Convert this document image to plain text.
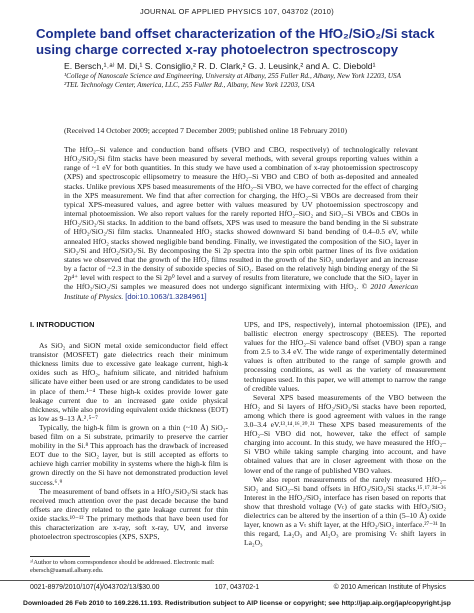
JOURNAL OF APPLIED PHYSICS 107, 043702 (2010)
Complete band offset characterization of the HfO₂/SiO₂/Si stack using charge corrected x-ray photoelectron spectroscopy
E. Bersch,¹˒ᵃ⁾ M. Di,¹ S. Consiglio,² R. D. Clark,² G. J. Leusink,² and A. C. Diebold¹

¹College of Nanoscale Science and Engineering, University at Albany, 255 Fuller Rd., Albany, New York 12203, USA

²TEL Technology Center, America, LLC, 255 Fuller Rd., Albany, New York 12203, USA

(Received 14 October 2009; accepted 7 December 2009; published online 18 February 2010)
The HfO₂–Si valence and conduction band offsets (VBO and CBO, respectively) of technologically relevant HfO₂/SiO₂/Si film stacks have been measured by several methods, with several groups reporting values within a range of ~1 eV for both quantities. In this study we have used a combination of x-ray photoemission spectroscopy (XPS) and spectroscopic ellipsometry to measure the HfO₂–Si VBO and CBO of both as-deposited and annealed stacks. Unlike previous XPS based measurements of the HfO₂–Si VBO, we have corrected for the effect of charging in the XPS measurement. We find that after correction for charging, the HfO₂–Si VBOs are decreased from their typical XPS-measured values, and agree better with values measured by UV photoemission spectroscopy and internal photoemission. We also report values for the rarely reported HfO₂–SiO₂ and SiO₂–Si VBOs and CBOs in HfO₂/SiO₂/Si stacks. In addition to the band offsets, XPS was used to measure the band bending in the Si substrate of HfO₂/SiO₂/Si film stacks. Unannealed HfO₂ stacks showed downward Si band bending of 0.4–0.5 eV, while annealed HfO₂ stacks showed negligible band bending. Finally, we investigated the composition of the SiO₂ layer in SiO₂/Si and HfO₂/SiO₂/Si. By decomposing the Si 2p spectra into the spin orbit partner lines of its five oxidation states we observed that the growth of the HfO₂ films resulted in the growth of the SiO₂ underlayer and an increase by a factor of ~2.3 in the density of suboxide species of SiO₂. Based on the relatively high binding energy of the Si 2p⁴⁺ level with respect to the Si 2p⁰ level and a survey of results from literature, we conclude that the SiO₂ layer in the HfO₂/SiO₂/Si samples we measured does not undergo significant intermixing with HfO₂. © 2010 American Institute of Physics. [doi:10.1063/1.3284961]

I. INTRODUCTION

As SiO₂ and SiON metal oxide semiconductor field effect transistor (MOSFET) gate dielectrics reach their minimum thickness limits due to excessive gate leakage current, high-k oxides such as HfO₂, hafnium silicate, and nitrided hafnium silicate have either been used or are strong candidates to be used in place of them.¹⁻⁴ These high-k oxides provide lower gate leakage current due to an increased gate oxide physical thickness, while also providing equivalent oxide thickness (EOT) as low as 9–13 Å.²˒⁵⁻⁷

Typically, the high-k film is grown on a thin (~10 Å) SiO₂-based film on a Si substrate, primarily to preserve the carrier mobility in the Si.⁸ This approach has the drawback of increased EOT due to the SiO₂ layer, but is still accepted as efforts to achieve high carrier mobility in systems where the high-k film is grown directly on the Si have not demonstrated production level success.⁶˒⁹

The measurement of band offsets in a HfO₂/SiO₂/Si stack has received much attention over the past decade because the band offsets are directly related to the gate leakage current for thin oxide stacks.¹⁰⁻¹² The primary methods that have been used for this characterization are x-ray, soft x-ray, UV, and inverse photoelectron spectroscopies (XPS, SXPS,

UPS, and IPS, respectively), internal photoemission (IPE), and ballistic electron energy spectroscopy (BEES). The reported values for the HfO₂–Si valence band offset (VBO) span a range from 2.5 to 3.4 eV. The wide range of experimentally determined values is often attributed to the range of sample growth and processing conditions, as well as the variety of measurement techniques used. In this paper, we will attempt to narrow the range of credible values.

Several XPS based measurements of the VBO between the HfO₂ and Si layers of HfO₂/SiO₂/Si stacks have been reported, among which there is good agreement with values in the range 3.0–3.4 eV.¹³˒¹⁴˒¹⁶˒²⁰˒²¹ These XPS based measurements of the HfO₂–Si VBO did not, however, take the effect of sample charging into account. In this study, we have measured the HfO₂–Si VBO while taking sample charging into account, and have obtained values that are in closer agreement with those on the lower end of the range of published VBO values.

We also report measurements of the rarely measured HfO₂–SiO₂ and SiO₂–Si band offsets in HfO₂/SiO₂/Si stacks.¹⁵˒¹⁷˒²⁴⁻²⁶ Interest in the HfO₂/SiO₂ interface has risen based on reports that show that threshold voltage (Vₜ) of gate stacks with HfO₂/SiO₂ dielectrics can be altered by the insertion of a thin (5–10 Å) oxide layer, known as a Vₜ shift layer, at the HfO₂/SiO₂ interface.²⁷⁻³¹ In this regard, La₂O₃ and Al₂O₃ are promising Vₜ shift layers in La₂O₃

ᵃ⁾Author to whom correspondence should be addressed. Electronic mail: ebersch@uamail.albany.edu.
0021-8979/2010/107(4)/043702/13/$30.00	107, 043702-1	© 2010 American Institute of Physics
Downloaded 26 Feb 2010 to 169.226.11.193. Redistribution subject to AIP license or copyright; see http://jap.aip.org/jap/copyright.jsp
